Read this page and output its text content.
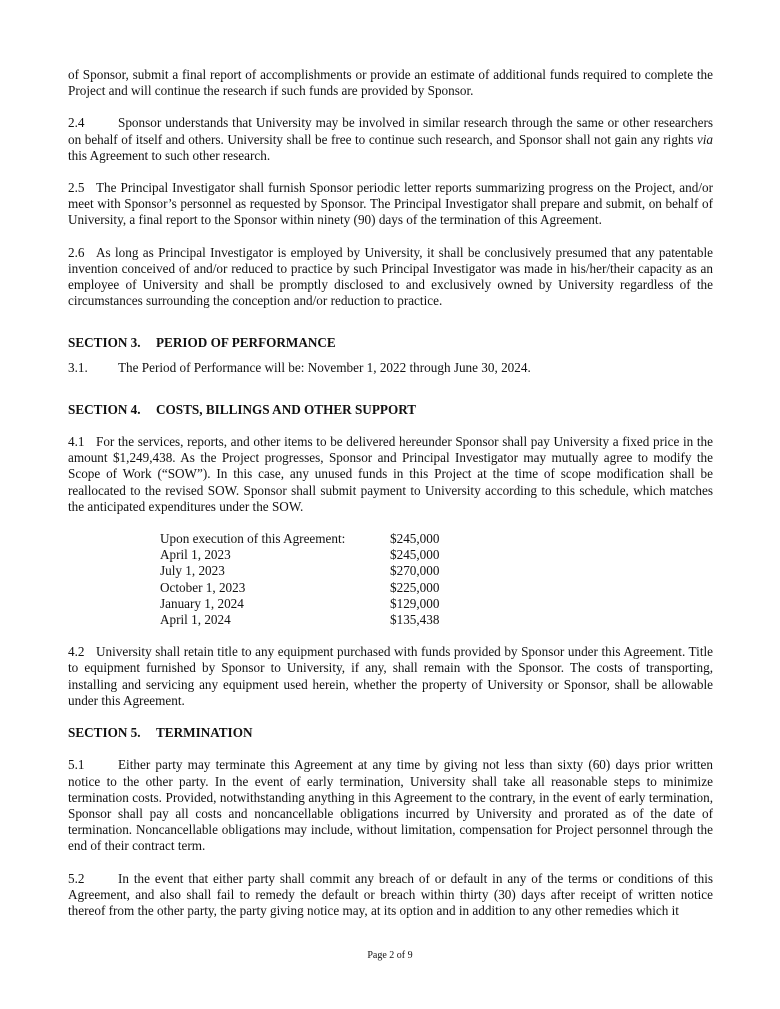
of Sponsor, submit a final report of accomplishments or provide an estimate of additional funds required to complete the Project and will continue the research if such funds are provided by Sponsor.

2.4	Sponsor understands that University may be involved in similar research through the same or other researchers on behalf of itself and others. University shall be free to continue such research, and Sponsor shall not gain any rights via this Agreement to such other research.

2.5 The Principal Investigator shall furnish Sponsor periodic letter reports summarizing progress on the Project, and/or meet with Sponsor’s personnel as requested by Sponsor. The Principal Investigator shall prepare and submit, on behalf of University, a final report to the Sponsor within ninety (90) days of the termination of this Agreement.

2.6 As long as Principal Investigator is employed by University, it shall be conclusively presumed that any patentable invention conceived of and/or reduced to practice by such Principal Investigator was made in his/her/their capacity as an employee of University and shall be promptly disclosed to and exclusively owned by University regardless of the circumstances surrounding the conception and/or reduction to practice.

SECTION 3. PERIOD OF PERFORMANCE

3.1. The Period of Performance will be: November 1, 2022 through June 30, 2024.

SECTION 4. COSTS, BILLINGS AND OTHER SUPPORT

4.1 For the services, reports, and other items to be delivered hereunder Sponsor shall pay University a fixed price in the amount $1,249,438. As the Project progresses, Sponsor and Principal Investigator may mutually agree to modify the Scope of Work (“SOW”). In this case, any unused funds in this Project at the time of scope modification shall be reallocated to the revised SOW. Sponsor shall submit payment to University according to this schedule, which matches the anticipated expenditures under the SOW.

Upon execution of this Agreement:	$245,000
April 1, 2023	$245,000
July 1, 2023	$270,000
October 1, 2023	$225,000
January 1, 2024	$129,000
April 1, 2024	$135,438

4.2 University shall retain title to any equipment purchased with funds provided by Sponsor under this Agreement. Title to equipment furnished by Sponsor to University, if any, shall remain with the Sponsor. The costs of transporting, installing and servicing any equipment used herein, whether the property of University or Sponsor, shall be allowable under this Agreement.

SECTION 5. TERMINATION

5.1	Either party may terminate this Agreement at any time by giving not less than sixty (60) days prior written notice to the other party. In the event of early termination, University shall take all reasonable steps to minimize termination costs. Provided, notwithstanding anything in this Agreement to the contrary, in the event of early termination, Sponsor shall pay all costs and noncancellable obligations incurred by University and prorated as of the date of termination. Noncancellable obligations may include, without limitation, compensation for Project personnel through the end of their contract term.

5.2	In the event that either party shall commit any breach of or default in any of the terms or conditions of this Agreement, and also shall fail to remedy the default or breach within thirty (30) days after receipt of written notice thereof from the other party, the party giving notice may, at its option and in addition to any other remedies which it

Page 2 of 9
